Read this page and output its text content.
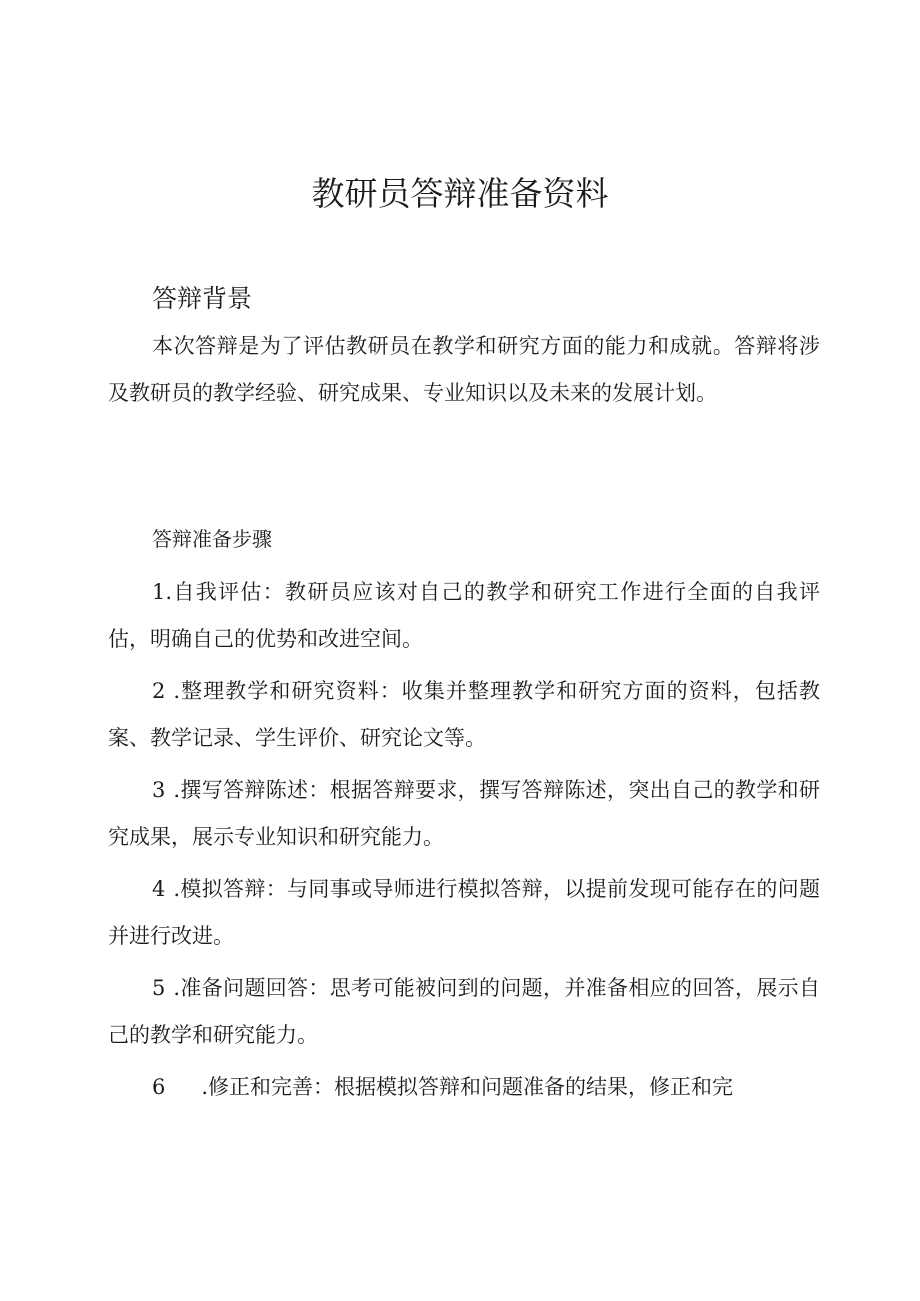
教研员答辩准备资料
答辩背景

本次答辩是为了评估教研员在教学和研究方面的能力和成就。答辩将涉及教研员的教学经验、研究成果、专业知识以及未来的发展计划。

答辩准备步骤

1.自我评估：教研员应该对自己的教学和研究工作进行全面的自我评估，明确自己的优势和改进空间。

2 .整理教学和研究资料：收集并整理教学和研究方面的资料，包括教案、教学记录、学生评价、研究论文等。

3 .撰写答辩陈述：根据答辩要求，撰写答辩陈述，突出自己的教学和研究成果，展示专业知识和研究能力。

4 .模拟答辩：与同事或导师进行模拟答辩，以提前发现可能存在的问题并进行改进。

5 .准备问题回答：思考可能被问到的问题，并准备相应的回答，展示自己的教学和研究能力。

6 .修正和完善：根据模拟答辩和问题准备的结果，修正和完
